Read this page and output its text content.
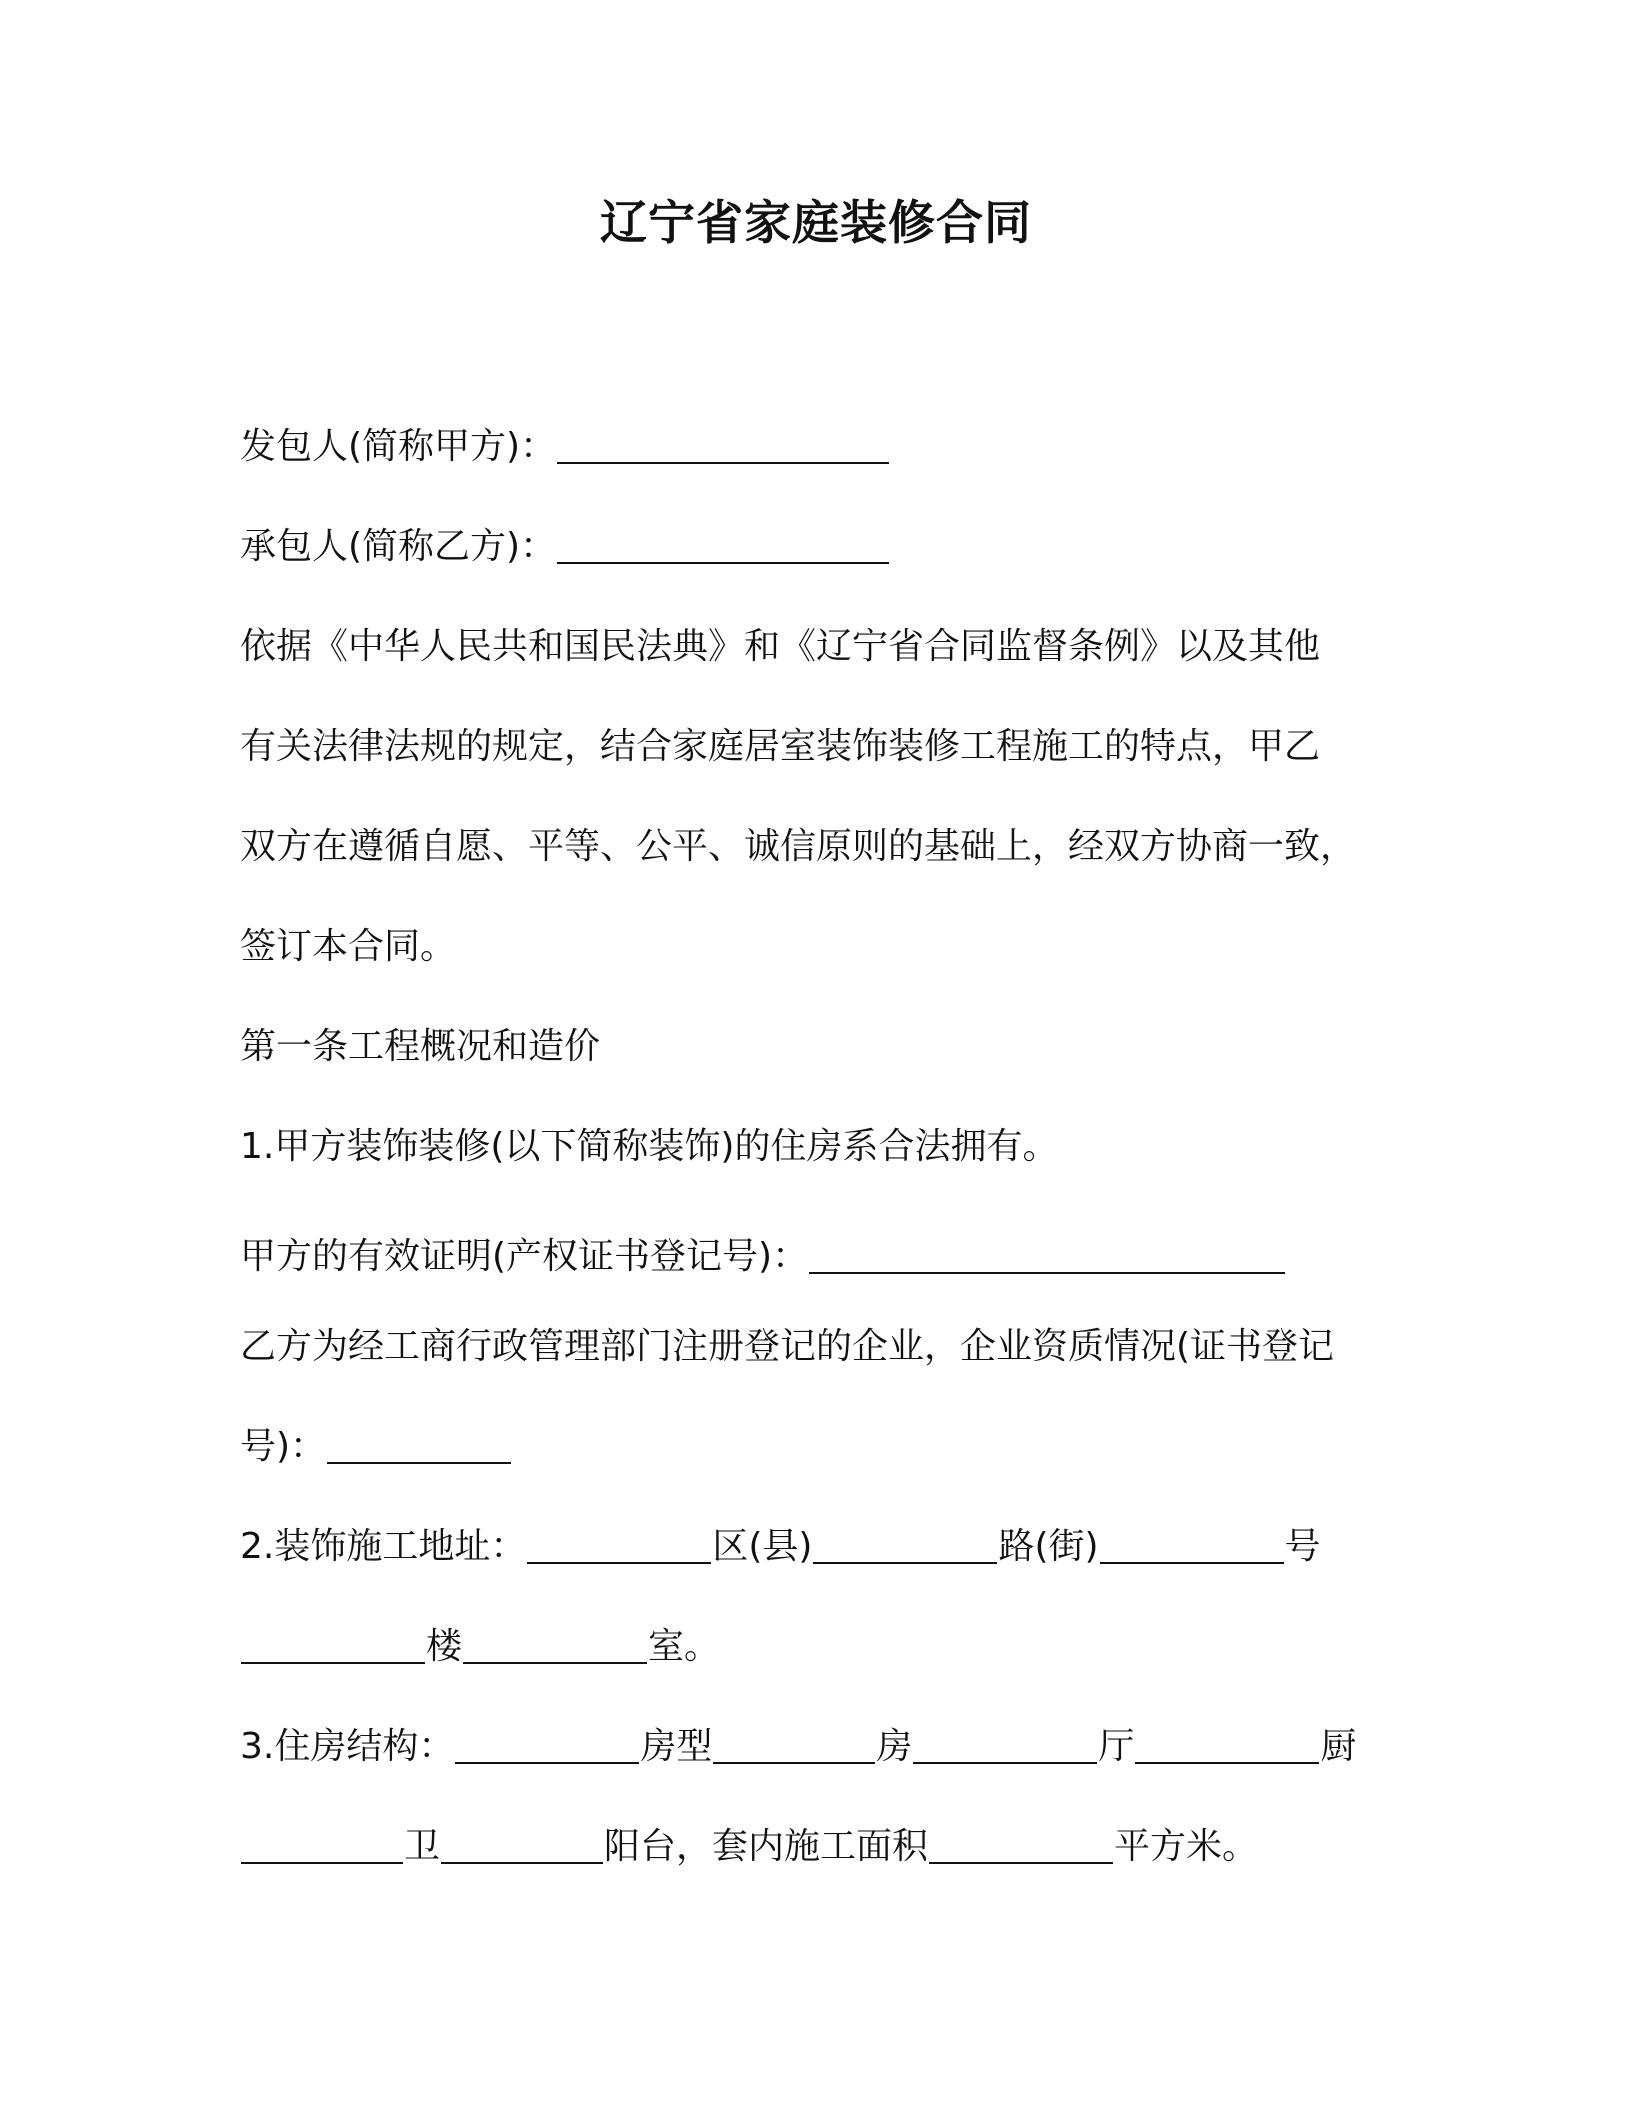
辽宁省家庭装修合同
发包人(简称甲方)：
承包人(简称乙方)：
依据《中华人民共和国民法典》和《辽宁省合同监督条例》以及其他
有关法律法规的规定，结合家庭居室装饰装修工程施工的特点，甲乙
双方在遵循自愿、平等、公平、诚信原则的基础上，经双方协商一致，
签订本合同。
第一条工程概况和造价
1.甲方装饰装修(以下简称装饰)的住房系合法拥有。
甲方的有效证明(产权证书登记号)：
乙方为经工商行政管理部门注册登记的企业，企业资质情况(证书登记
号)：
2.装饰施工地址：	区(县)	路(街)	号
楼	室。
3.住房结构：	房型	房	厅	厨
卫	阳台，套内施工面积	平方米。
